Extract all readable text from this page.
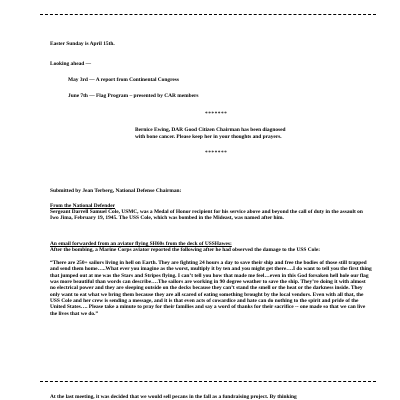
Easter Sunday is April 15th.
Looking ahead —
May 3rd — A report from Continental Congress
June 7th — Flag Program – presented by CAR members
*******
Bernice Ewing, DAR Good Citizen Chairman has been diagnosed
with bone cancer. Please keep her in your thoughts and prayers.
*******
Submitted by Jean Terberg, National Defense Chairman:
From the National Defender
Sergeant Darrell Samuel Cole, USMC, was a Medal of Honor recipient for his service above and beyond the call of duty in the assault on Iwo Jima, February 19, 1945. The USS Cole, which was bombed in the Mideast, was named after him.
An email forwarded from an aviator flying SH60s from the deck of USSHawes:
After the bombing, a Marine Corps aviator reported the following after he had observed the damage to the USS Cole:
“There are 250+ sailors living in hell on Earth. They are fighting 24 hours a day to save their ship and free the bodies of those still trapped and send them home…..What ever you imagine as the worst, multiply it by ten and you might get there….I do want to tell you the first thing that jumped out at me was the Stars and Stripes flying. I can’t tell you how that made me feel…even in this God forsaken hell hole our flag was more beautiful than words can describe….The sailors are working in 90 degree weather to save the ship. They’re doing it with almost no electrical power and they are sleeping outside on the decks because they can’t stand the smell or the heat or the darkness inside. They only want to eat what we bring them because they are all scared of eating something brought by the local vendors. Even with all that, the USS Cole and her crew is sending a message, and it is that even acts of cowardice and hate can do nothing to the spirit and pride of the United States…. Please take a minute to pray for their families and say a word of thanks for their sacrifice -- one made so that we can live the lives that we do.”
At the last meeting, it was decided that we would sell pecans in the fall as a fundraising project. By thinking
